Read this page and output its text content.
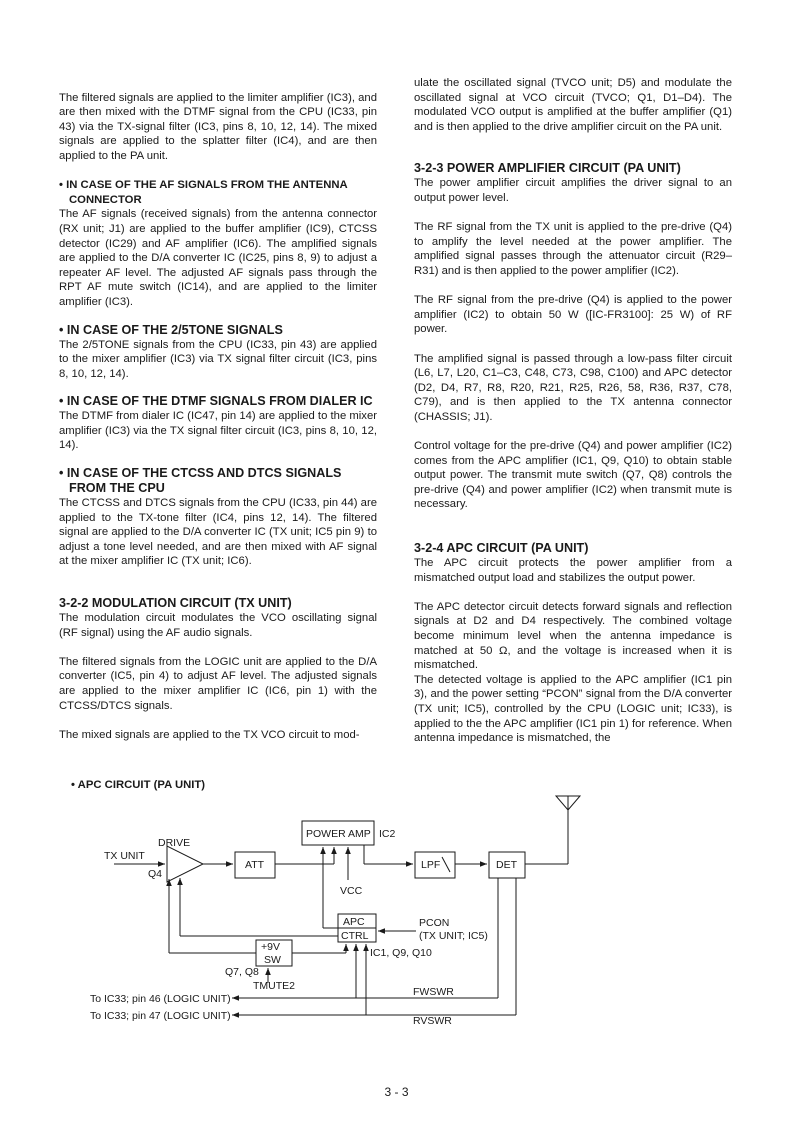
The filtered signals are applied to the limiter amplifier (IC3), and are then mixed with the DTMF signal from the CPU (IC33, pin 43) via the TX-signal filter (IC3, pins 8, 10, 12, 14). The mixed signals are applied to the splatter filter (IC4), and are then applied to the PA unit.

• IN CASE OF THE AF SIGNALS FROM THE ANTENNA CONNECTOR

The AF signals (received signals) from the antenna connector (RX unit; J1) are applied to the buffer amplifier (IC9), CTCSS detector (IC29) and AF amplifier (IC6). The amplified signals are applied to the D/A converter IC (IC25, pins 8, 9) to adjust a repeater AF level. The adjusted AF signals pass through the RPT AF mute switch (IC14), and are applied to the limiter amplifier (IC3).

• IN CASE OF THE 2/5TONE SIGNALS

The 2/5TONE signals from the CPU (IC33, pin 43) are applied to the mixer amplifier (IC3) via TX signal filter circuit (IC3, pins 8, 10, 12, 14).

• IN CASE OF THE DTMF SIGNALS FROM DIALER IC

The DTMF from dialer IC (IC47, pin 14) are applied to the mixer amplifier (IC3) via the TX signal filter circuit (IC3, pins 8, 10, 12, 14).

• IN CASE OF THE CTCSS AND DTCS SIGNALS FROM THE CPU

The CTCSS and DTCS signals from the CPU (IC33, pin 44) are applied to the TX-tone filter (IC4, pins 12, 14). The filtered signal are applied to the D/A converter IC (TX unit; IC5 pin 9) to adjust a tone level needed, and are then mixed with AF signal at the mixer amplifier IC (TX unit; IC6).

3-2-2 MODULATION CIRCUIT (TX UNIT)

The modulation circuit modulates the VCO oscillating signal (RF signal) using the AF audio signals.

The filtered signals from the LOGIC unit are applied to the D/A converter (IC5, pin 4) to adjust AF level. The adjusted signals are applied to the mixer amplifier IC (IC6, pin 1) with the CTCSS/DTCS signals.

The mixed signals are applied to the TX VCO circuit to mod-

ulate the oscillated signal (TVCO unit; D5) and modulate the oscillated signal at VCO circuit (TVCO; Q1, D1–D4). The modulated VCO output is amplified at the buffer amplifier (Q1) and is then applied to the drive amplifier circuit on the PA unit.

3-2-3 POWER AMPLIFIER CIRCUIT (PA UNIT)

The power amplifier circuit amplifies the driver signal to an output power level.

The RF signal from the TX unit is applied to the pre-drive (Q4) to amplify the level needed at the power amplifier. The amplified signal passes through the attenuator circuit (R29–R31) and is then applied to the power amplifier (IC2).

The RF signal from the pre-drive (Q4) is applied to the power amplifier (IC2) to obtain 50 W ([IC-FR3100]: 25 W) of RF power.

The amplified signal is passed through a low-pass filter circuit (L6, L7, L20, C1–C3, C48, C73, C98, C100) and APC detector (D2, D4, R7, R8, R20, R21, R25, R26, 58, R36, R37, C78, C79), and is then applied to the TX antenna connector (CHASSIS; J1).

Control voltage for the pre-drive (Q4) and power amplifier (IC2) comes from the APC amplifier (IC1, Q9, Q10) to obtain stable output power. The transmit mute switch (Q7, Q8) controls the pre-drive (Q4) and power amplifier (IC2) when transmit mute is necessary.

3-2-4 APC CIRCUIT (PA UNIT)

The APC circuit protects the power amplifier from a mismatched output load and stabilizes the output power.

The APC detector circuit detects forward signals and reflection signals at D2 and D4 respectively. The combined voltage become minimum level when the antenna impedance is matched at 50 Ω, and the voltage is increased when it is mismatched.

The detected voltage is applied to the APC amplifier (IC1 pin 3), and the power setting “PCON” signal from the D/A converter (TX unit; IC5), controlled by the CPU (LOGIC unit; IC33), is applied to the the APC amplifier (IC1 pin 1) for reference. When antenna impedance is mismatched, the

• APC CIRCUIT (PA UNIT)
DRIVE
TX UNIT
Q4
ATT
POWER AMP IC2
LPF	DET
VCC
APC
CTRL
PCON
(TX UNIT; IC5)
IC1, Q9, Q10
+9V
SW
Q7, Q8
TMUTE2	FWSWR
RVSWR
To IC33; pin 46 (LOGIC UNIT)
To IC33; pin 47 (LOGIC UNIT)
3 - 3
